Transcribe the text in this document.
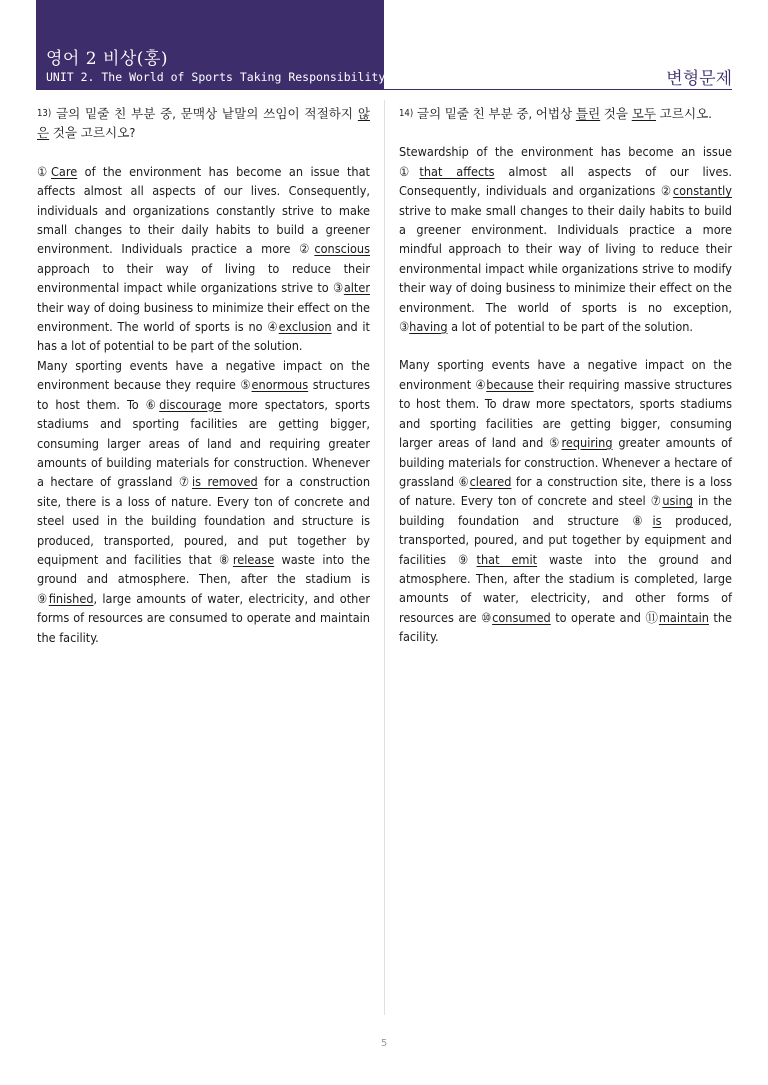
영어 2 비상(홍)
UNIT 2. The World of Sports Taking Responsibility	변형문제

13) 글의 밑줄 친 부분 중, 문맥상 낱말의 쓰임이 적절하지 않은 것을 고르시오?

①Care of the environment has become an issue that affects almost all aspects of our lives. Consequently, individuals and organizations constantly strive to make small changes to their daily habits to build a greener environment. Individuals practice a more ②conscious approach to their way of living to reduce their environmental impact while organizations strive to ③alter their way of doing business to minimize their effect on the environment. The world of sports is no ④exclusion and it has a lot of potential to be part of the solution.

Many sporting events have a negative impact on the environment because they require ⑤enormous structures to host them. To ⑥discourage more spectators, sports stadiums and sporting facilities are getting bigger, consuming larger areas of land and requiring greater amounts of building materials for construction. Whenever a hectare of grassland ⑦is removed for a construction site, there is a loss of nature. Every ton of concrete and steel used in the building foundation and structure is produced, transported, poured, and put together by equipment and facilities that ⑧release waste into the ground and atmosphere. Then, after the stadium is ⑨finished, large amounts of water, electricity, and other forms of resources are consumed to operate and maintain the facility.

14) 글의 밑줄 친 부분 중, 어법상 틀린 것을 모두 고르시오.

Stewardship of the environment has become an issue ①that affects almost all aspects of our lives. Consequently, individuals and organizations ②constantly strive to make small changes to their daily habits to build a greener environment. Individuals practice a more mindful approach to their way of living to reduce their environmental impact while organizations strive to modify their way of doing business to minimize their effect on the environment. The world of sports is no exception, ③having a lot of potential to be part of the solution.

Many sporting events have a negative impact on the environment ④because their requiring massive structures to host them. To draw more spectators, sports stadiums and sporting facilities are getting bigger, consuming larger areas of land and ⑤requiring greater amounts of building materials for construction. Whenever a hectare of grassland ⑥cleared for a construction site, there is a loss of nature. Every ton of concrete and steel ⑦using in the building foundation and structure ⑧is produced, transported, poured, and put together by equipment and facilities ⑨that emit waste into the ground and atmosphere. Then, after the stadium is completed, large amounts of water, electricity, and other forms of resources are ⑩consumed to operate and ⑪maintain the facility.

5
